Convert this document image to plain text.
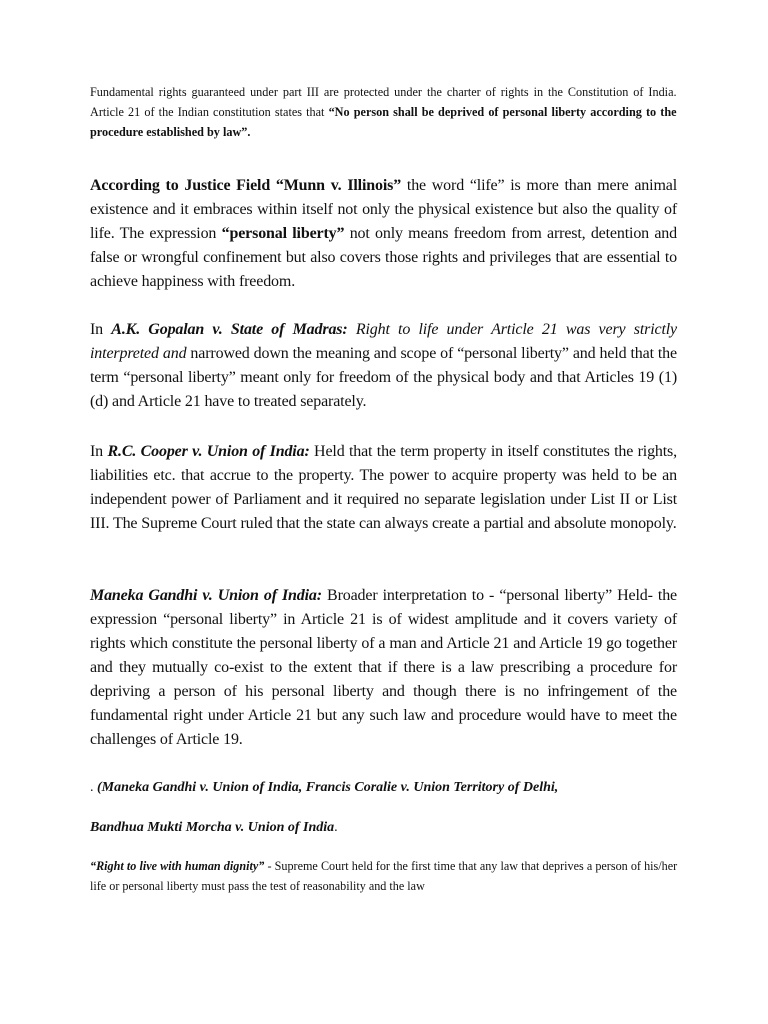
Fundamental rights guaranteed under part III are protected under the charter of rights in the Constitution of India. Article 21 of the Indian constitution states that “No person shall be deprived of personal liberty according to the procedure established by law”.

According to Justice Field “Munn v. Illinois” the word “life” is more than mere animal existence and it embraces within itself not only the physical existence but also the quality of life. The expression “personal liberty” not only means freedom from arrest, detention and false or wrongful confinement but also covers those rights and privileges that are essential to achieve happiness with freedom.

In A.K. Gopalan v. State of Madras: Right to life under Article 21 was very strictly interpreted and narrowed down the meaning and scope of “personal liberty” and held that the term “personal liberty” meant only for freedom of the physical body and that Articles 19 (1) (d) and Article 21 have to treated separately.

In R.C. Cooper v. Union of India: Held that the term property in itself constitutes the rights, liabilities etc. that accrue to the property. The power to acquire property was held to be an independent power of Parliament and it required no separate legislation under List II or List III. The Supreme Court ruled that the state can always create a partial and absolute monopoly.

Maneka Gandhi v. Union of India: Broader interpretation to - “personal liberty” Held- the expression “personal liberty” in Article 21 is of widest amplitude and it covers variety of rights which constitute the personal liberty of a man and Article 21 and Article 19 go together and they mutually co-exist to the extent that if there is a law prescribing a procedure for depriving a person of his personal liberty and though there is no infringement of the fundamental right under Article 21 but any such law and procedure would have to meet the challenges of Article 19.

. (Maneka Gandhi v. Union of India, Francis Coralie v. Union Territory of Delhi,

Bandhua Mukti Morcha v. Union of India.

“Right to live with human dignity” - Supreme Court held for the first time that any law that deprives a person of his/her life or personal liberty must pass the test of reasonability and the law
